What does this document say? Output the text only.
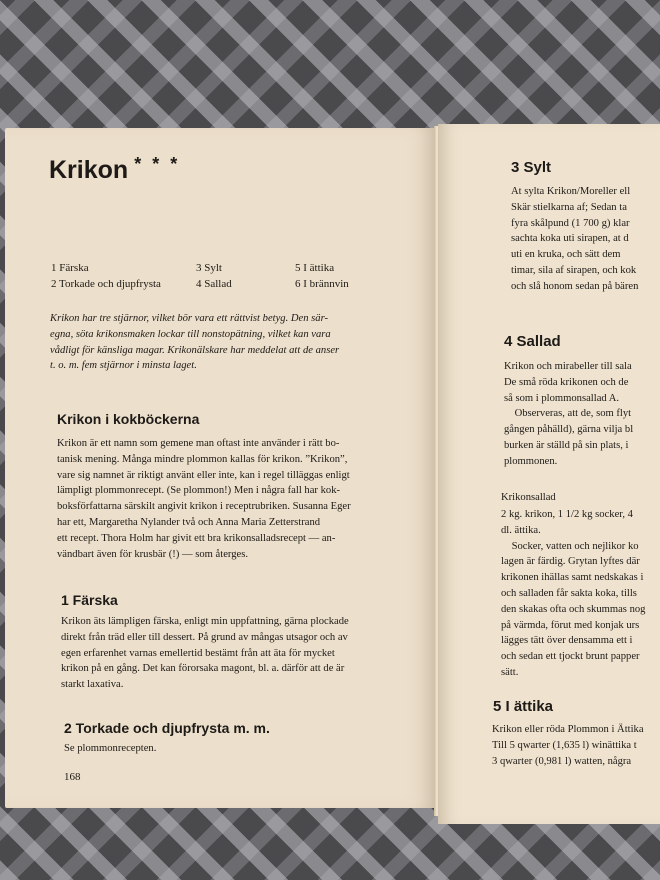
3 Sylt
At sylta Krikon/Moreller ell
Skär stielkarna af; Sedan ta
fyra skålpund (1 700 g) klar
sachta koka uti sirapen, at d
uti en kruka, och sätt dem
timar, sila af sirapen, och kok
och slå honom sedan på bären
4 Sallad
Krikon och mirabeller till sala
De små röda krikonen och de
så som i plommonsallad A.
Observeras, att de, som flyt
gången påhälld), gärna vilja bl
burken är ställd på sin plats, i
plommonen.
Krikonsallad
2 kg. krikon, 1 1/2 kg socker, 4
dl. ättika.
Socker, vatten och nejlikor ko
lagen är färdig. Grytan lyftes där
krikonen ihällas samt nedskakas i
och salladen får sakta koka, tills
den skakas ofta och skummas nog
på värmda, förut med konjak urs
lägges tätt över densamma ett i
och sedan ett tjockt brunt papper
sätt.
5 I ättika
Krikon eller röda Plommon i Ättika
Till 5 qwarter (1,635 l) winättika t
3 qwarter (0,981 l) watten, några
Krikon * * *
1 Färska
2 Torkade och djupfrysta
3 Sylt
4 Sallad
5 I ättika
6 I brännvin
Krikon har tre stjärnor, vilket bör vara ett rättvist betyg. Den sär-
egna, söta krikonsmaken lockar till nonstopätning, vilket kan vara
vådligt för känsliga magar. Krikonälskare har meddelat att de anser
t. o. m. fem stjärnor i minsta laget.
Krikon i kokböckerna
Krikon är ett namn som gemene man oftast inte använder i rätt bo-
tanisk mening. Många mindre plommon kallas för krikon. ”Krikon”,
vare sig namnet är riktigt använt eller inte, kan i regel tilläggas enligt
lämpligt plommonrecept. (Se plommon!) Men i några fall har kok-
boksförfattarna särskilt angivit krikon i receptrubriken. Susanna Eger
har ett, Margaretha Nylander två och Anna Maria Zetterstrand
ett recept. Thora Holm har givit ett bra krikonsalladsrecept — an-
vändbart även för krusbär (!) — som återges.
1 Färska
Krikon äts lämpligen färska, enligt min uppfattning, gärna plockade
direkt från träd eller till dessert. På grund av mångas utsagor och av
egen erfarenhet varnas emellertid bestämt från att äta för mycket
krikon på en gång. Det kan förorsaka magont, bl. a. därför att de är
starkt laxativa.
2 Torkade och djupfrysta m. m.
Se plommonrecepten.
168
